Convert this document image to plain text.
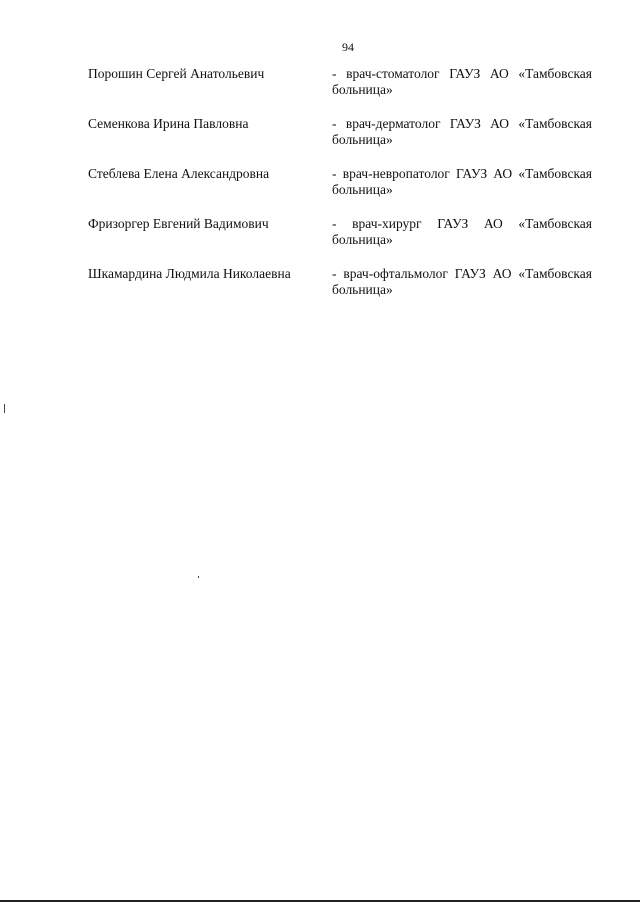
94
Порошин Сергей Анатольевич	- врач-стоматолог ГАУЗ АО «Тамбовская больница»
Семенкова Ирина Павловна	- врач-дерматолог ГАУЗ АО «Тамбовская больница»
Стеблева Елена Александровна	- врач-невропатолог ГАУЗ АО «Тамбовская больница»
Фризоргер Евгений Вадимович	- врач-хирург ГАУЗ АО «Тамбовская больница»
Шкамардина Людмила Николаевна	- врач-офтальмолог ГАУЗ АО «Тамбовская больница»
